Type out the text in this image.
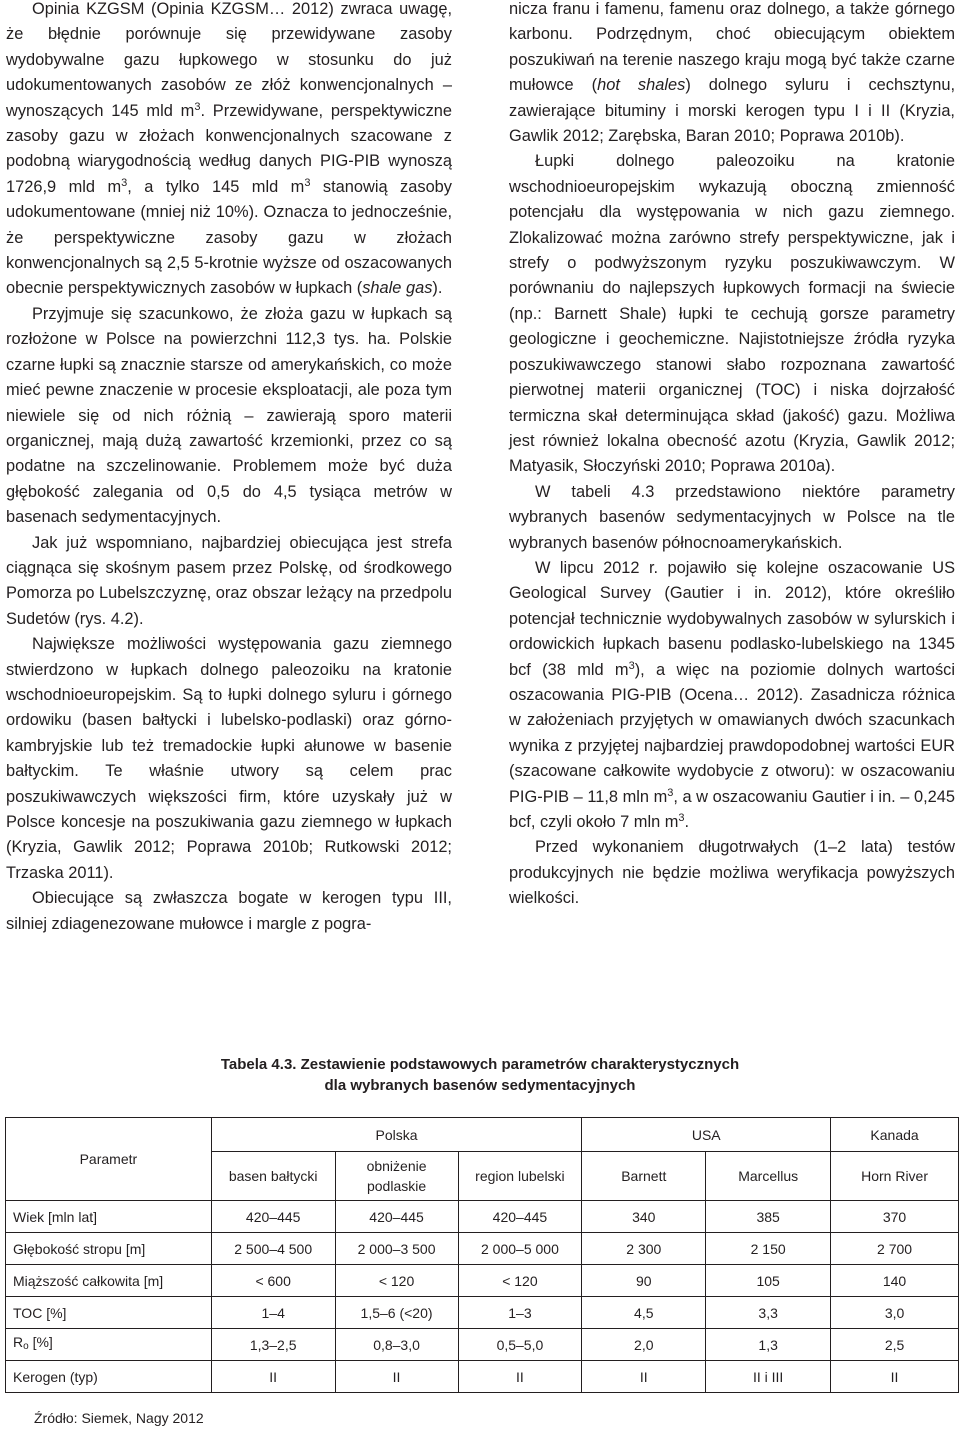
Opinia KZGSM (Opinia KZGSM… 2012) zwraca uwagę, że błędnie porównuje się przewidywane zasoby wydobywalne gazu łupkowego w stosunku do już udokumentowanych zasobów ze złóż konwencjonalnych – wynoszących 145 mld $m^3$. Przewidywane, perspektywiczne zasoby gazu w złożach konwencjonalnych szacowane z podobną wiarygodnością według danych PIG-PIB wynoszą 1726,9 mld $m^3$, a tylko 145 mld $m^3$ stanowią zasoby udokumentowane (mniej niż 10%). Oznacza to jednocześnie, że perspektywiczne zasoby gazu w złożach konwencjonalnych są 2,5 5-krotnie wyższe od oszacowanych obecnie perspektywicznych zasobów w łupkach (shale gas).

Przyjmuje się szacunkowo, że złoża gazu w łupkach są rozłożone w Polsce na powierzchni 112,3 tys. ha. Polskie czarne łupki są znacznie starsze od amerykańskich, co może mieć pewne znaczenie w procesie eksploatacji, ale poza tym niewiele się od nich różnią – zawierają sporo materii organicznej, mają dużą zawartość krzemionki, przez co są podatne na szczelinowanie. Problemem może być duża głębokość zalegania od 0,5 do 4,5 tysiąca metrów w basenach sedymentacyjnych.

Jak już wspomniano, najbardziej obiecująca jest strefa ciągnąca się skośnym pasem przez Polskę, od środkowego Pomorza po Lubelszczyznę, oraz obszar leżący na przedpolu Sudetów (rys. 4.2).

Największe możliwości występowania gazu ziemnego stwierdzono w łupkach dolnego paleozoiku na kratonie wschodnioeuropejskim. Są to łupki dolnego syluru i górnego ordowiku (basen bałtycki i lubelsko-podlaski) oraz górno-kambryjskie lub też tremadockie łupki ałunowe w basenie bałtyckim. Te właśnie utwory są celem prac poszukiwawczych większości firm, które uzyskały już w Polsce koncesje na poszukiwania gazu ziemnego w łupkach (Kryzia, Gawlik 2012; Poprawa 2010b; Rutkowski 2012; Trzaska 2011).

Obiecujące są zwłaszcza bogate w kerogen typu III, silniej zdiagenezowane mułowce i margle z pogra-

nicza franu i famenu, famenu oraz dolnego, a także górnego karbonu. Podrzędnym, choć obiecującym obiektem poszukiwań na terenie naszego kraju mogą być także czarne mułowce (hot shales) dolnego syluru i cechsztynu, zawierające bituminy i morski kerogen typu I i II (Kryzia, Gawlik 2012; Zarębska, Baran 2010; Poprawa 2010b).

Łupki dolnego paleozoiku na kratonie wschodnioeuropejskim wykazują oboczną zmienność potencjału dla występowania w nich gazu ziemnego. Zlokalizować można zarówno strefy perspektywiczne, jak i strefy o podwyższonym ryzyku poszukiwawczym. W porównaniu do najlepszych łupkowych formacji na świecie (np.: Barnett Shale) łupki te cechują gorsze parametry geologiczne i geochemiczne. Najistotniejsze źródła ryzyka poszukiwawczego stanowi słabo rozpoznana zawartość pierwotnej materii organicznej (TOC) i niska dojrzałość termiczna skał determinująca skład (jakość) gazu. Możliwa jest również lokalna obecność azotu (Kryzia, Gawlik 2012; Matyasik, Słoczyński 2010; Poprawa 2010a).

W tabeli 4.3 przedstawiono niektóre parametry wybranych basenów sedymentacyjnych w Polsce na tle wybranych basenów północnoamerykańskich.

W lipcu 2012 r. pojawiło się kolejne oszacowanie US Geological Survey (Gautier i in. 2012), które określiło potencjał technicznie wydobywalnych zasobów w sylurskich i ordowickich łupkach basenu podlasko-lubelskiego na 1345 bcf (38 mld $m^3$), a więc na poziomie dolnych wartości oszacowania PIG-PIB (Ocena… 2012). Zasadnicza różnica w założeniach przyjętych w omawianych dwóch szacunkach wynika z przyjętej najbardziej prawdopodobnej wartości EUR (szacowane całkowite wydobycie z otworu): w oszacowaniu PIG-PIB – 11,8 mln $m^3$, a w oszacowaniu Gautier i in. – 0,245 bcf, czyli około 7 mln $m^3$.

Przed wykonaniem długotrwałych (1–2 lata) testów produkcyjnych nie będzie możliwa weryfikacja powyższych wielkości.

Tabela 4.3. Zestawienie podstawowych parametrów charakterystycznych
dla wybranych basenów sedymentacyjnych
Parametr	Polska			USA		Kanada
	basen bałtycki	obniżenie podlaskie	region lubelski	Barnett	Marcellus	Horn River
Wiek [mln lat]	420–445	420–445	420–445	340	385	370
Głębokość stropu [m]	2 500–4 500	2 000–3 500	2 000–5 000	2 300	2 150	2 700
Miąższość całkowita [m]	< 600	< 120	< 120	90	105	140
TOC [%]	1–4	1,5–6 (<20)	1–3	4,5	3,3	3,0
$R_o$ [%]	1,3–2,5	0,8–3,0	0,5–5,0	2,0	1,3	2,5
Kerogen (typ)	II	II	II	II	II i III	II
Źródło: Siemek, Nagy 2012
